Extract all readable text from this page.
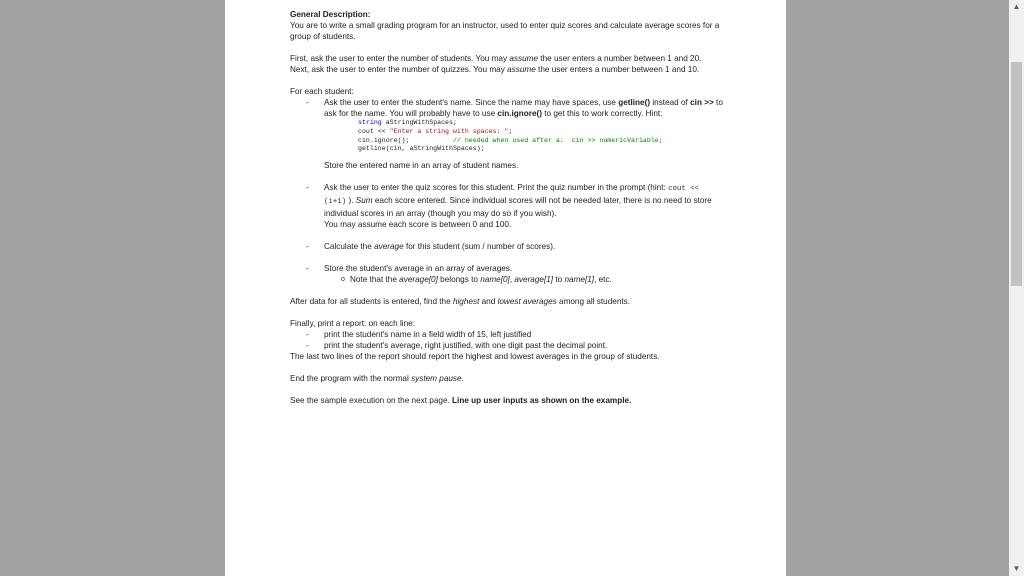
General Description:

You are to write a small grading program for an instructor, used to enter quiz scores and calculate average scores for a group of students.

First, ask the user to enter the number of students. You may assume the user enters a number between 1 and 20.

Next, ask the user to enter the number of quizzes. You may assume the user enters a number between 1 and 10.

For each student:

- Ask the user to enter the student's name. Since the name may have spaces, use getline() instead of cin >> to ask for the name. You will probably have to use cin.ignore() to get this to work correctly. Hint:
string aStringWithSpaces;
cout << "Enter a string with spaces: ";
cin.ignore();           // needed when used after a:  cin >> numericVariable;
getline(cin, aStringWithSpaces);

Store the entered name in an array of student names.

- Ask the user to enter the quiz scores for this student. Print the quiz number in the prompt (hint: cout << (i+1) ). Sum each score entered. Since individual scores will not be needed later, there is no need to store individual scores in an array (though you may do so if you wish).
You may assume each score is between 0 and 100.
- Calculate the average for this student (sum / number of scores).
- Store the student's average in an array of averages.
o Note that the average[0] belongs to name[0], average[1] to name[1], etc.

After data for all students is entered, find the highest and lowest averages among all students.

Finally, print a report: on each line:

- print the student's name in a field width of 15, left justified
- print the student's average, right justified, with one digit past the decimal point.

The last two lines of the report should report the highest and lowest averages in the group of students.

End the program with the normal system pause.

See the sample execution on the next page. Line up user inputs as shown on the example.

▲
▼
